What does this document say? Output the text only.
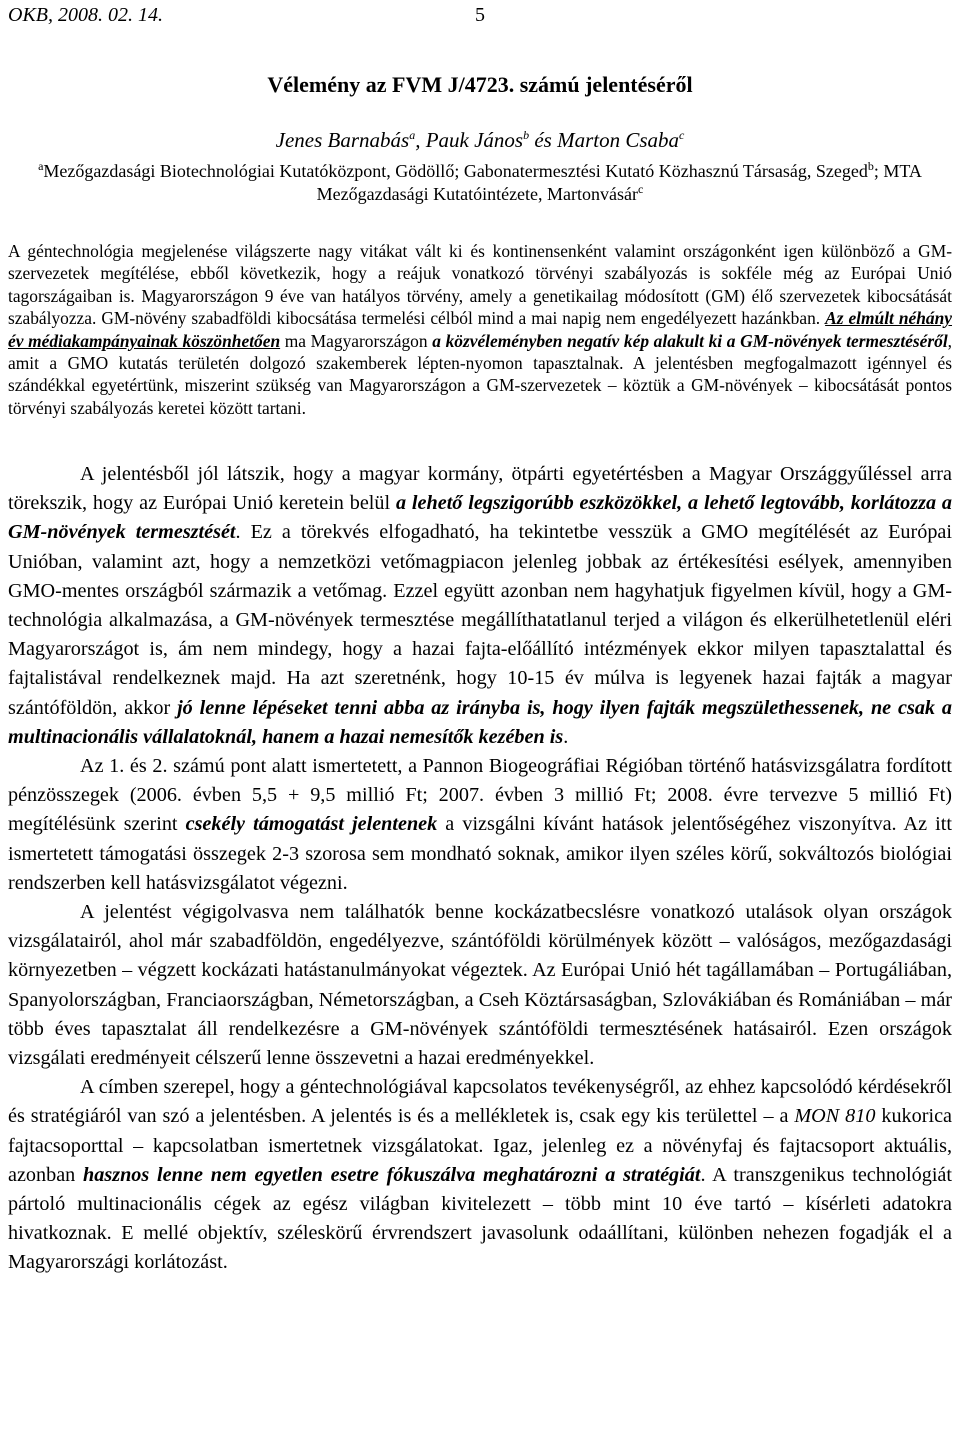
OKB, 2008. 02. 14.	5
Vélemény az FVM J/4723. számú jelentéséről
Jenes Barnabás$^a$, Pauk János$^b$ és Marton Csaba$^c$
$^a$Mezőgazdasági Biotechnológiai Kutatóközpont, Gödöllő; Gabonatermesztési Kutató Közhasznú Társaság, Szeged$^b$; MTA Mezőgazdasági Kutatóintézete, Martonvásár$^c$
A géntechnológia megjelenése világszerte nagy vitákat vált ki és kontinensenként valamint országonként igen különböző a GM-szervezetek megítélése, ebből következik, hogy a reájuk vonatkozó törvényi szabályozás is sokféle még az Európai Unió tagországaiban is. Magyarországon 9 éve van hatályos törvény, amely a genetikailag módosított (GM) élő szervezetek kibocsátását szabályozza. GM-növény szabadföldi kibocsátása termelési célból mind a mai napig nem engedélyezett hazánkban. Az elmúlt néhány év médiakampányainak köszönhetően ma Magyarországon a közvéleményben negatív kép alakult ki a GM-növények termesztéséről, amit a GMO kutatás területén dolgozó szakemberek lépten-nyomon tapasztalnak. A jelentésben megfogalmazott igénnyel és szándékkal egyetértünk, miszerint szükség van Magyarországon a GM-szervezetek – köztük a GM-növények – kibocsátását pontos törvényi szabályozás keretei között tartani.

A jelentésből jól látszik, hogy a magyar kormány, ötpárti egyetértésben a Magyar Országgyűléssel arra törekszik, hogy az Európai Unió keretein belül a lehető legszigorúbb eszközökkel, a lehető legtovább, korlátozza a GM-növények termesztését. Ez a törekvés elfogadható, ha tekintetbe vesszük a GMO megítélését az Európai Unióban, valamint azt, hogy a nemzetközi vetőmagpiacon jelenleg jobbak az értékesítési esélyek, amennyiben GMO-mentes országból származik a vetőmag. Ezzel együtt azonban nem hagyhatjuk figyelmen kívül, hogy a GM-technológia alkalmazása, a GM-növények termesztése megállíthatatlanul terjed a világon és elkerülhetetlenül eléri Magyarországot is, ám nem mindegy, hogy a hazai fajta-előállító intézmények ekkor milyen tapasztalattal és fajtalistával rendelkeznek majd. Ha azt szeretnénk, hogy 10-15 év múlva is legyenek hazai fajták a magyar szántóföldön, akkor jó lenne lépéseket tenni abba az irányba is, hogy ilyen fajták megszülethessenek, ne csak a multinacionális vállalatoknál, hanem a hazai nemesítők kezében is.

Az 1. és 2. számú pont alatt ismertetett, a Pannon Biogeográfiai Régióban történő hatásvizsgálatra fordított pénzösszegek (2006. évben 5,5 + 9,5 millió Ft; 2007. évben 3 millió Ft; 2008. évre tervezve 5 millió Ft) megítélésünk szerint csekély támogatást jelentenek a vizsgálni kívánt hatások jelentőségéhez viszonyítva. Az itt ismertetett támogatási összegek 2-3 szorosa sem mondható soknak, amikor ilyen széles körű, sokváltozós biológiai rendszerben kell hatásvizsgálatot végezni.

A jelentést végigolvasva nem találhatók benne kockázatbecslésre vonatkozó utalások olyan országok vizsgálatairól, ahol már szabadföldön, engedélyezve, szántóföldi körülmények között – valóságos, mezőgazdasági környezetben – végzett kockázati hatástanulmányokat végeztek. Az Európai Unió hét tagállamában – Portugáliában, Spanyolországban, Franciaországban, Németországban, a Cseh Köztársaságban, Szlovákiában és Romániában – már több éves tapasztalat áll rendelkezésre a GM-növények szántóföldi termesztésének hatásairól. Ezen országok vizsgálati eredményeit célszerű lenne összevetni a hazai eredményekkel.

A címben szerepel, hogy a géntechnológiával kapcsolatos tevékenységről, az ehhez kapcsolódó kérdésekről és stratégiáról van szó a jelentésben. A jelentés is és a mellékletek is, csak egy kis területtel – a MON 810 kukorica fajtacsoporttal – kapcsolatban ismertetnek vizsgálatokat. Igaz, jelenleg ez a növényfaj és fajtacsoport aktuális, azonban hasznos lenne nem egyetlen esetre fókuszálva meghatározni a stratégiát. A transzgenikus technológiát pártoló multinacionális cégek az egész világban kivitelezett – több mint 10 éve tartó – kísérleti adatokra hivatkoznak. E mellé objektív, széleskörű érvrendszert javasolunk odaállítani, különben nehezen fogadják el a Magyarországi korlátozást.
